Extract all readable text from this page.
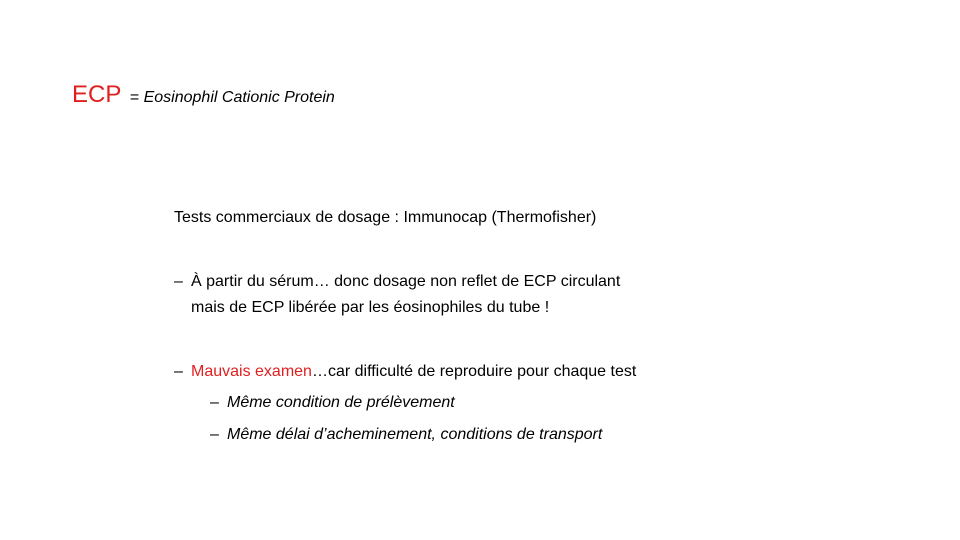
ECP = Eosinophil Cationic Protein
Tests commerciaux de dosage : Immunocap (Thermofisher)
– À partir du sérum… donc dosage non reflet de ECP circulant
mais de ECP libérée par les éosinophiles du tube !
– Mauvais examen…car difficulté de reproduire pour chaque test
– Même condition de prélèvement
– Même délai d’acheminement, conditions de transport
